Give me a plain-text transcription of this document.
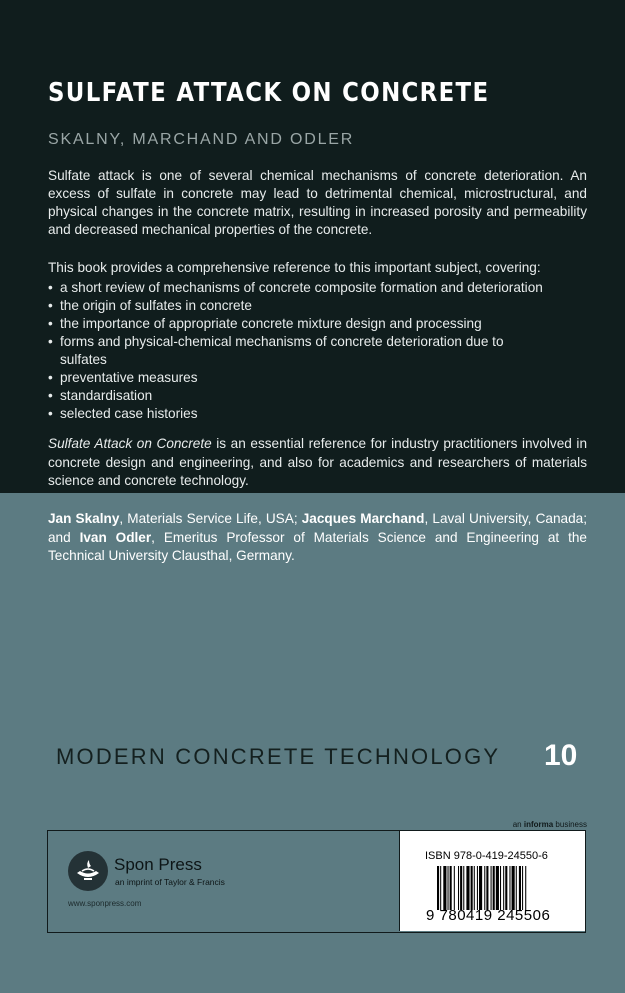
SULFATE ATTACK ON CONCRETE
SKALNY, MARCHAND AND ODLER

Sulfate attack is one of several chemical mechanisms of concrete deterioration. An excess of sulfate in concrete may lead to detrimental chemical, microstructural, and physical changes in the concrete matrix, resulting in increased porosity and permeability and decreased mechanical properties of the concrete.

This book provides a comprehensive reference to this important subject, covering:

• a short review of mechanisms of concrete composite formation and deterioration
• the origin of sulfates in concrete
• the importance of appropriate concrete mixture design and processing
• forms and physical-chemical mechanisms of concrete deterioration due to sulfates
• preventative measures
• standardisation
• selected case histories

Sulfate Attack on Concrete is an essential reference for industry practitioners involved in concrete design and engineering, and also for academics and researchers of materials science and concrete technology.

Jan Skalny, Materials Service Life, USA; Jacques Marchand, Laval University, Canada; and Ivan Odler, Emeritus Professor of Materials Science and Engineering at the Technical University Clausthal, Germany.

MODERN CONCRETE TECHNOLOGY 10
an informa business
Spon Press
an imprint of Taylor & Francis
www.sponpress.com
ISBN 978-0-419-24550-6
9 780419 245506
